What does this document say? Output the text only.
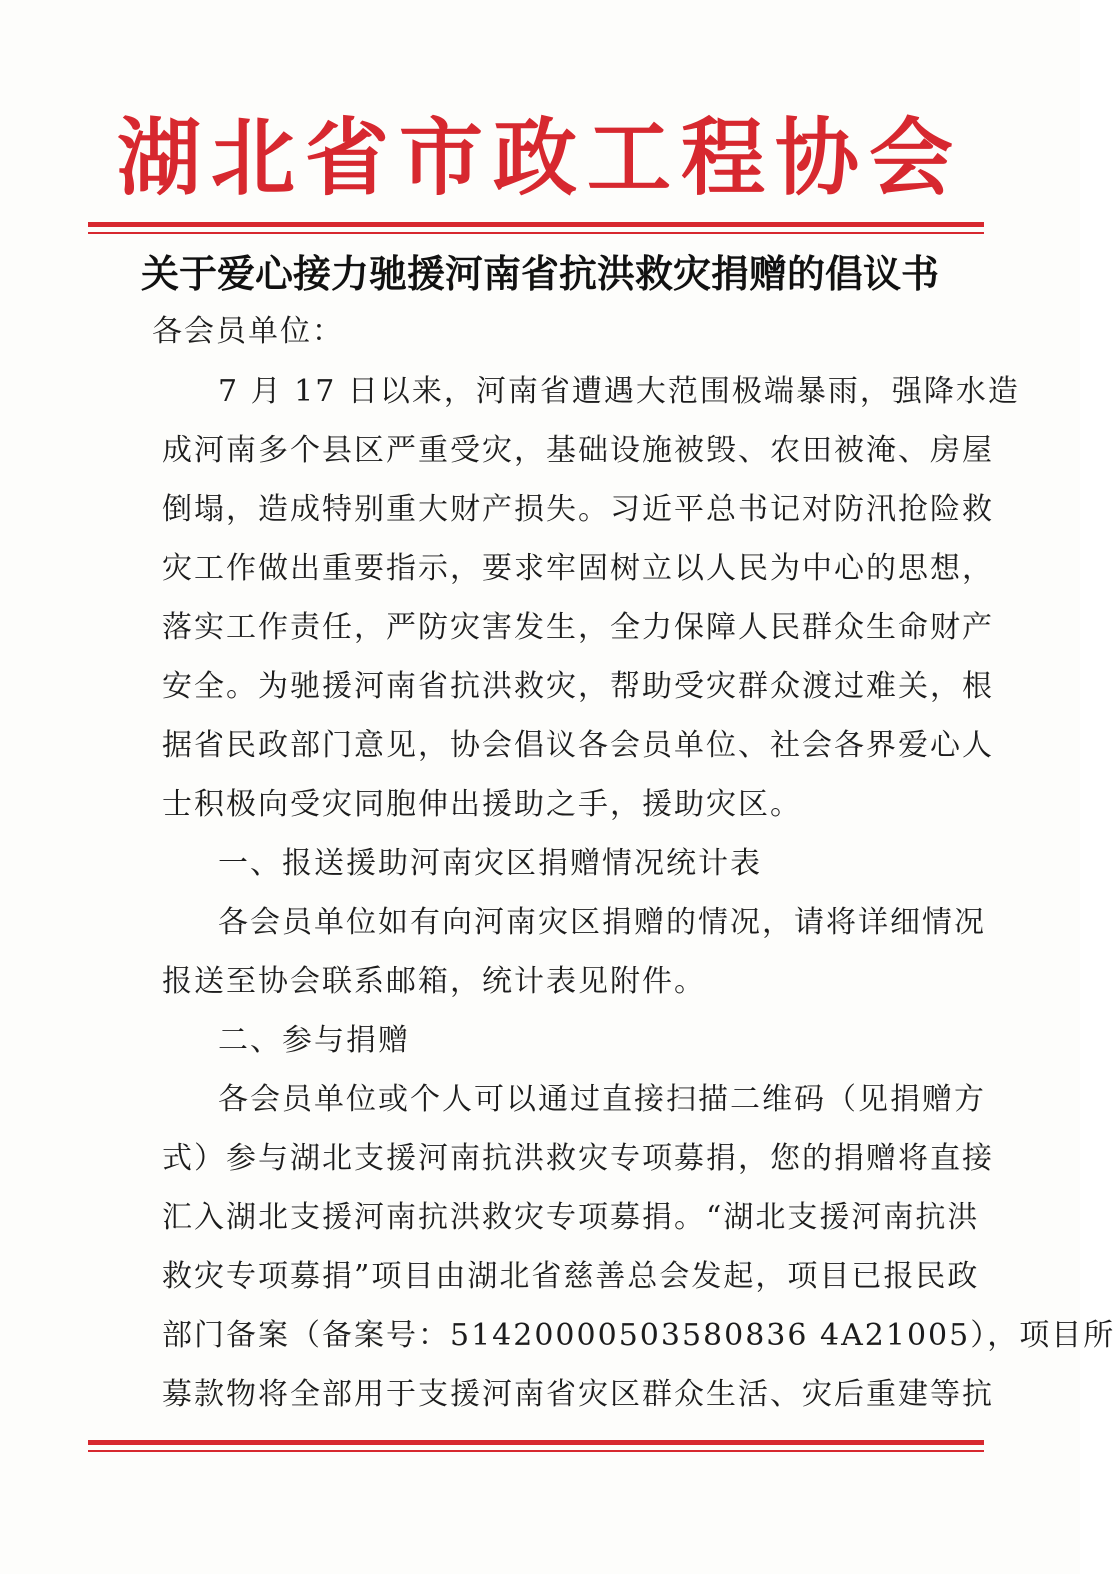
湖北省市政工程协会
关于爱心接力驰援河南省抗洪救灾捐赠的倡议书
各会员单位：
7 月 17 日以来，河南省遭遇大范围极端暴雨，强降水造
成河南多个县区严重受灾，基础设施被毁、农田被淹、房屋
倒塌，造成特别重大财产损失。习近平总书记对防汛抢险救
灾工作做出重要指示，要求牢固树立以人民为中心的思想，
落实工作责任，严防灾害发生，全力保障人民群众生命财产
安全。为驰援河南省抗洪救灾，帮助受灾群众渡过难关，根
据省民政部门意见，协会倡议各会员单位、社会各界爱心人
士积极向受灾同胞伸出援助之手，援助灾区。
一、报送援助河南灾区捐赠情况统计表
各会员单位如有向河南灾区捐赠的情况，请将详细情况
报送至协会联系邮箱，统计表见附件。
二、参与捐赠
各会员单位或个人可以通过直接扫描二维码（见捐赠方
式）参与湖北支援河南抗洪救灾专项募捐，您的捐赠将直接
汇入湖北支援河南抗洪救灾专项募捐。“湖北支援河南抗洪
救灾专项募捐”项目由湖北省慈善总会发起，项目已报民政
部门备案（备案号：51420000503580836 4A21005），项目所
募款物将全部用于支援河南省灾区群众生活、灾后重建等抗
